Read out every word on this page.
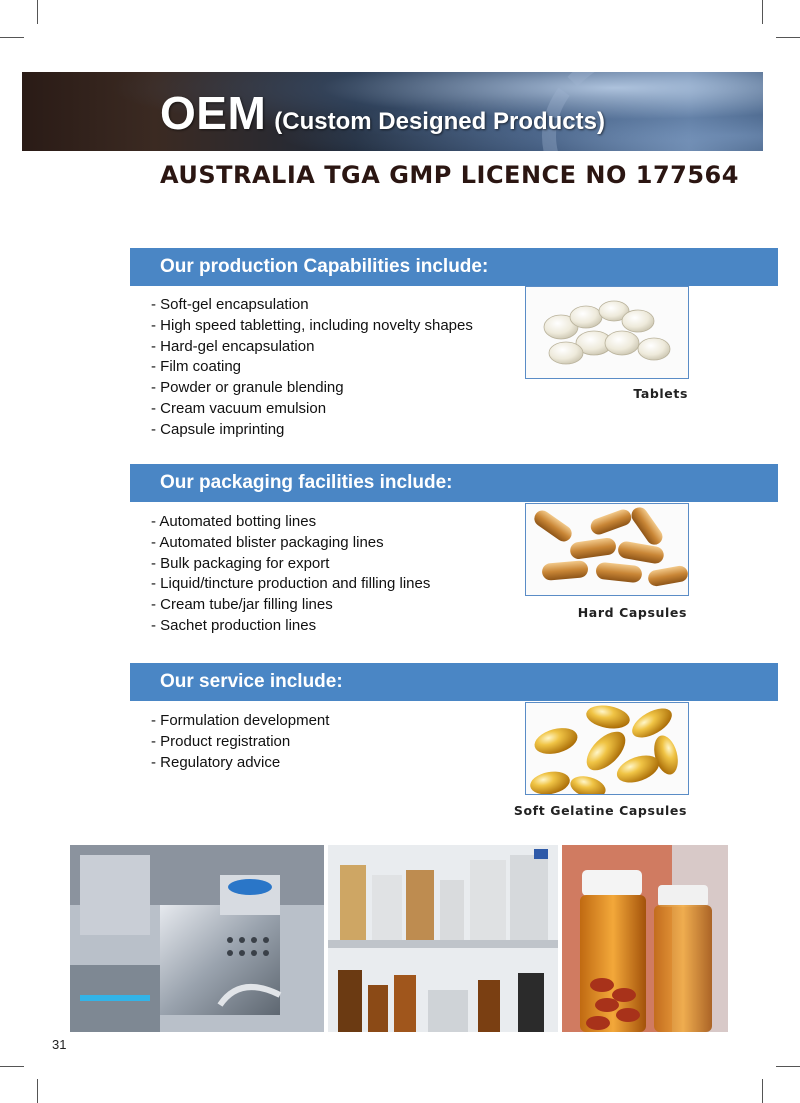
OEM (Custom Designed Products)
AUSTRALIA TGA GMP LICENCE NO 177564
Our production Capabilities include:
- Soft-gel encapsulation
- High speed tabletting, including novelty shapes
- Hard-gel encapsulation
- Film coating
- Powder or granule blending
- Cream vacuum emulsion
- Capsule imprinting
Tablets
Our packaging facilities include:
- Automated botting lines
- Automated blister packaging lines
- Bulk packaging for export
- Liquid/tincture production and filling lines
- Cream tube/jar filling lines
- Sachet production lines
Hard Capsules
Our service include:
- Formulation development
- Product registration
- Regulatory advice
Soft Gelatine Capsules
31
